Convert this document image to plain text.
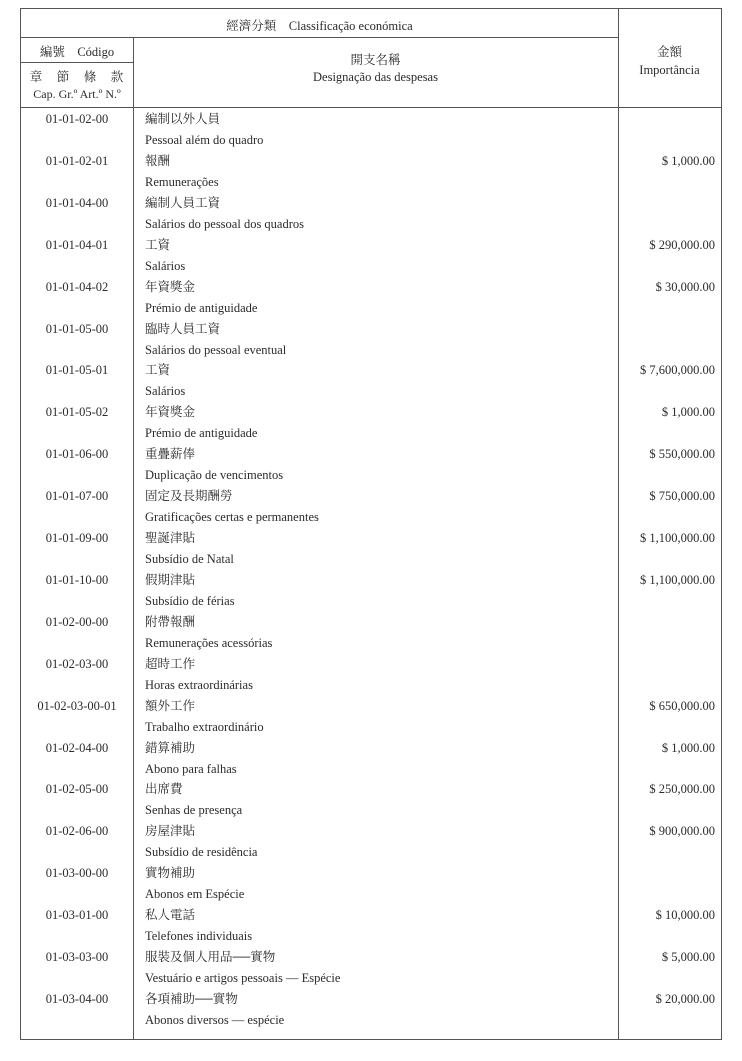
經濟分類　Classificação económica
編號　Código
章　節　條　款
Cap. Gr.º Art.º N.º
開支名稱
Designação das despesas
金額
Importância
01-01-02-00	編制以外人員
Pessoal além do quadro
01-01-02-01	報酬
Remunerações
$ 1,000.00
01-01-04-00	編制人員工資
Salários do pessoal dos quadros
01-01-04-01	工資
Salários
$ 290,000.00
01-01-04-02	年資獎金
Prémio de antiguidade
$ 30,000.00
01-01-05-00	臨時人員工資
Salários do pessoal eventual
01-01-05-01	工資
Salários
$ 7,600,000.00
01-01-05-02	年資獎金
Prémio de antiguidade
$ 1,000.00
01-01-06-00	重疊薪俸
Duplicação de vencimentos
$ 550,000.00
01-01-07-00	固定及長期酬勞
Gratificações certas e permanentes
$ 750,000.00
01-01-09-00	聖誕津貼
Subsídio de Natal
$ 1,100,000.00
01-01-10-00	假期津貼
Subsídio de férias
$ 1,100,000.00
01-02-00-00	附帶報酬
Remunerações acessórias
01-02-03-00	超時工作
Horas extraordinárias
01-02-03-00-01	額外工作
Trabalho extraordinário
$ 650,000.00
01-02-04-00	錯算補助
Abono para falhas
$ 1,000.00
01-02-05-00	出席費
Senhas de presença
$ 250,000.00
01-02-06-00	房屋津貼
Subsídio de residência
$ 900,000.00
01-03-00-00	實物補助
Abonos em Espécie
01-03-01-00	私人電話
Telefones individuais
$ 10,000.00
01-03-03-00	服裝及個人用品──實物
Vestuário e artigos pessoais — Espécie
$ 5,000.00
01-03-04-00	各項補助──實物
Abonos diversos — espécie
$ 20,000.00
